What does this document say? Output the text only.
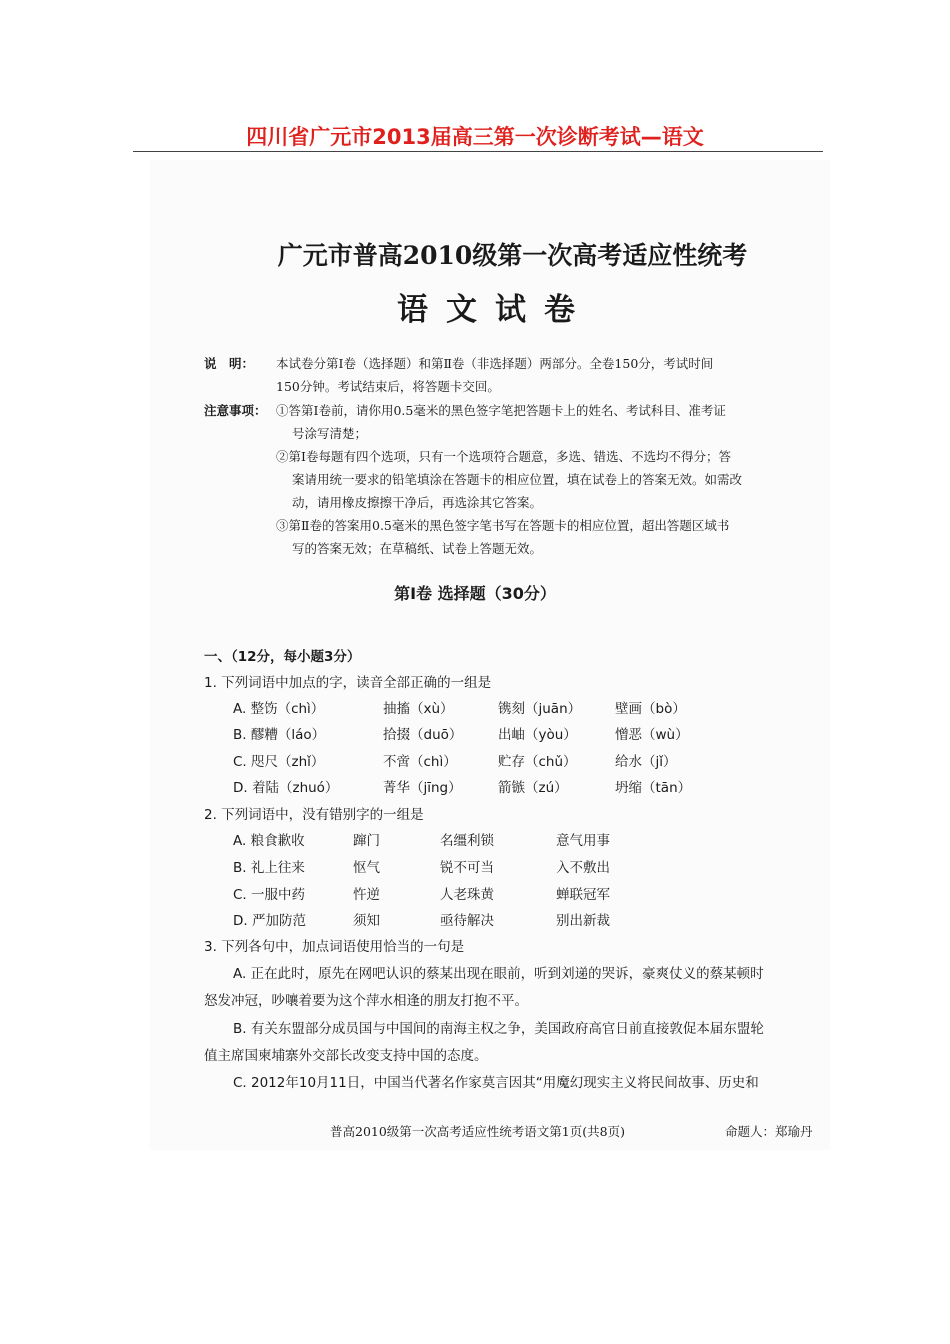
四川省广元市2013届高三第一次诊断考试—语文
广元市普高2010级第一次高考适应性统考
语文试卷
说　明： 本试卷分第Ⅰ卷（选择题）和第Ⅱ卷（非选择题）两部分。全卷150分，考试时间
150分钟。考试结束后，将答题卡交回。
注意事项： ①答第Ⅰ卷前，请你用0.5毫米的黑色签字笔把答题卡上的姓名、考试科目、准考证
号涂写清楚；
②第Ⅰ卷每题有四个选项，只有一个选项符合题意，多选、错选、不选均不得分；答
案请用统一要求的铅笔填涂在答题卡的相应位置，填在试卷上的答案无效。如需改
动，请用橡皮擦擦干净后，再选涂其它答案。
③第Ⅱ卷的答案用0.5毫米的黑色签字笔书写在答题卡的相应位置，超出答题区域书
写的答案无效；在草稿纸、试卷上答题无效。
第Ⅰ卷 选择题（30分）
一、（12分，每小题3分）
1. 下列词语中加点的字，读音全部正确的一组是
A. 整饬（chì）	抽搐（xù）	镌刻（juān）	壁画（bò）
B. 醪糟（láo）	拾掇（duō）	出岫（yòu）	憎恶（wù）
C. 咫尺（zhǐ）	不啻（chì）	贮存（chǔ）	给水（jǐ）
D. 着陆（zhuó）	菁华（jīng）	箭镞（zú）	坍缩（tān）
2. 下列词语中，没有错别字的一组是
A. 粮食歉收	蹿门	名缰利锁	意气用事
B. 礼上往来	怄气	锐不可当	入不敷出
C. 一服中药	忤逆	人老珠黄	蝉联冠军
D. 严加防范	须知	亟待解决	别出新裁
3. 下列各句中，加点词语使用恰当的一句是
A. 正在此时，原先在网吧认识的蔡某出现在眼前，听到刘递的哭诉，豪爽仗义的蔡某顿时
怒发冲冠，吵嚷着要为这个萍水相逢的朋友打抱不平。
B. 有关东盟部分成员国与中国间的南海主权之争，美国政府高官日前直接敦促本届东盟轮
值主席国柬埔寨外交部长改变支持中国的态度。
C. 2012年10月11日，中国当代著名作家莫言因其“用魔幻现实主义将民间故事、历史和
普高2010级第一次高考适应性统考语文第1页(共8页)	命题人：郑瑜丹
